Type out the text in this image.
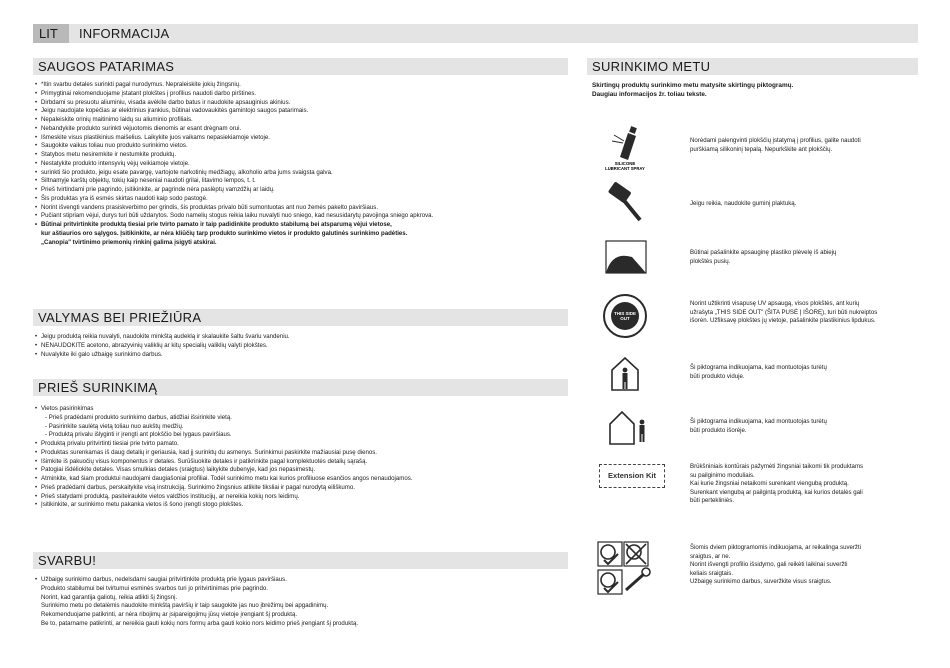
LIT	INFORMACIJA
SAUGOS PATARIMAS
• *Itin svarbu detales surinkti pagal nurodymus. Nepraleiskite jokių žingsnių.
• Primygtinai rekomenduojame įstatant plokštes į profilius naudoti darbo pirštines.
• Dirbdami su presuotu aliuminiu, visada avėkite darbo batus ir naudokite apsauginius akinius.
• Jeigu naudojate kopėčias ar elektrinius įrankius, būtinai vadovaukitės gamintojo saugos patarimais.
• Nepaleiskite orinių maitinimo laidų su aliuminio profiliais.
• Nebandykite produkto surinkti vėjuotomis dienomis ar esant drėgnam orui.
• Išmeskite visus plastikinius maišelius. Laikykite juos vaikams nepasiekiamoje vietoje.
• Saugokite vaikus toliau nuo produkto surinkimo vietos.
• Statybos metu nesiremkite ir nestumkite produktų.
• Nestatykite produkto intensyvių vėjų veikiamoje vietoje.
• surinkti šio produkto, jeigu esate pavargę, vartojote narkotinių medžiagų, alkoholio arba jums svaigsta galva.
• Siltnamyje karštų objektų, tokių kaip neseniai naudoti grilai, litavimo lempos, t. t.
• Prieš tvirtindami prie pagrindo, įsitikinkite, ar pagrinde nėra paslėptų vamzdžių ar laidų.
• Šis produktas yra iš esmės skirtas naudoti kaip sodo pastogė.
• Norint išvengti vandens prasiskverbimo per grindis, šis produktas privalo būti sumontuotas ant nuo žemės pakelto paviršiaus.
• Pučiant stipriam vėjui, durys turi būti uždarytos. Sodo namelių stogus reikia laiku nuvalyti nuo sniego, kad nesusidarytų pavojinga sniego apkrova.
• Būtinai pritvirtinkite produktą tiesiai prie tvirto pamato ir taip padidinkite produkto stabilumą bei atsparumą vėjui vietose,
kur aštiaurios oro sąlygos. Įsitikinkite, ar nėra kliūčių tarp produkto surinkimo vietos ir produkto galutinės surinkimo padėties.
„Canopia" tvirtinimo priemonių rinkinį galima įsigyti atskirai.
VALYMAS BEI PRIEŽIŪRA
• Jeigu produktą reikia nuvalyti, naudokite minkštą audeklą ir skalaukite šaltu švariu vandeniu.
• NENAUDOKITE acetono, abrazyvinių valiklių ar kitų specialių valiklių valyti plokštes.
• Nuvalykite iki galo užbaigę surinkimo darbus.
PRIEŠ SURINKIMĄ
• Vietos pasirinkimas
- Prieš pradėdami produkto surinkimo darbus, atidžiai išsirinkite vietą.
- Pasirinkite saulėtą vietą toliau nuo aukštų medžių.
- Produktą privalu išlyginti ir įrengti ant plokščio bei lygaus paviršiaus.
• Produktą privalu pritvirtinti tiesiai prie tvirto pamato.
• Produktas surenkamas iš daug detalių ir geriausia, kad jį surinktų du asmenys. Surinkimui paskirkite mažiausiai pusę dienos.
• Išimkite iš pakuočių visus komponentus ir detales. Surūšiuokite detales ir patikrinkite pagal komplektuotės detalių sąrašą.
• Patogiai išdėliokite detales. Visas smulkias detales (sraigtus) laikykite dubenyje, kad jos nepasimestų.
• Atminkite, kad šiam produktui naudojami daugiašoniai profiliai. Todėl surinkimo metu kai kurios profiliuose esančios angos nenaudojamos.
• Prieš pradėdami darbus, perskaitykite visą instrukciją. Surinkimo žingsnius atlikite tiksliai ir pagal nurodytą eiliškumo.
• Prieš statydami produktą, pasiteiraukite vietos valdžios institucijų, ar nereikia kokių nors leidimų.
• Įsitikinkite, ar surinkimo metu pakanka vietos iš šono įrengti stogo plokštes.
SVARBU!
• Užbaigę surinkimo darbus, nedelsdami saugiai pritvirtinkite produktą prie lygaus paviršiaus.
Produkto stabilumui bei tvirtumui esminės svarbos turi jo pritvirtinimas prie pagrindo.
Norint, kad garantija galiotų, reikia atlikti šį žingsnį.
Surinkimo metu po detalėmis naudokite minkštą paviršių ir taip saugokite jas nuo įbrėžimų bei apgadinimų.
Rekomenduojame patikrinti, ar nėra ribojimų ar įsipareigojimų jūsų vietoje įrengiant šį produktą.
Be to, patarname patikrinti, ar nereikia gauti kokių nors formų arba gauti kokio nors leidimo prieš įrengiant šį produktą.
SURINKIMO METU
Skirtingų produktų surinkimo metu matysite skirtingų piktogramų.
Daugiau informacijos žr. toliau tekste.
SILICONE
LUBRICANT SPRAY
Norėdami palengvinti plokščių įstatymą į profilius, galite naudoti
purškiamą silikoninį tepalą. Nepurkškite ant plokščių.
Jeigu reikia, naudokite guminį plaktuką.
Būtinai pašalinkite apsauginę plastiko plėvelę iš abiejų
plokštės pusių.
THIS SIDE OUT
Norint užtikrinti visapusę UV apsaugą, visos plokštės, ant kurių
užrašyta „THIS SIDE OUT" (ŠITA PUSĖ Į IŠORĘ), turi būti nukreiptos
išorėn. Užfiksavę plokštes jų vietoje, pašalinkite plastikinius lipdukus.
Ši piktograma indikuojama, kad montuotojas turėtų
būti produkto viduje.
Ši piktograma indikuojama, kad montuotojas turėtų
būti produkto išorėje.
Extension Kit
Brūkšniniais kontūrais pažymėti žingsniai taikomi tik produktams
su pailginimo moduliais.
Kai kurie žingsniai netaikomi surenkant viengubą produktą.
Surenkant viengubą ar pailgintą produktą, kai kurios detalės gali
būti pertekliniės.
Šiomis dviem piktogramomis indikuojama, ar reikalinga suveržti
sraigtus, ar ne.
Norint išvengti profilio išsidymo, gali reikėti laikinai suveržti
keliais sraigtais.
Užbaigę surinkimo darbus, suveržkite visus sraigtus.
